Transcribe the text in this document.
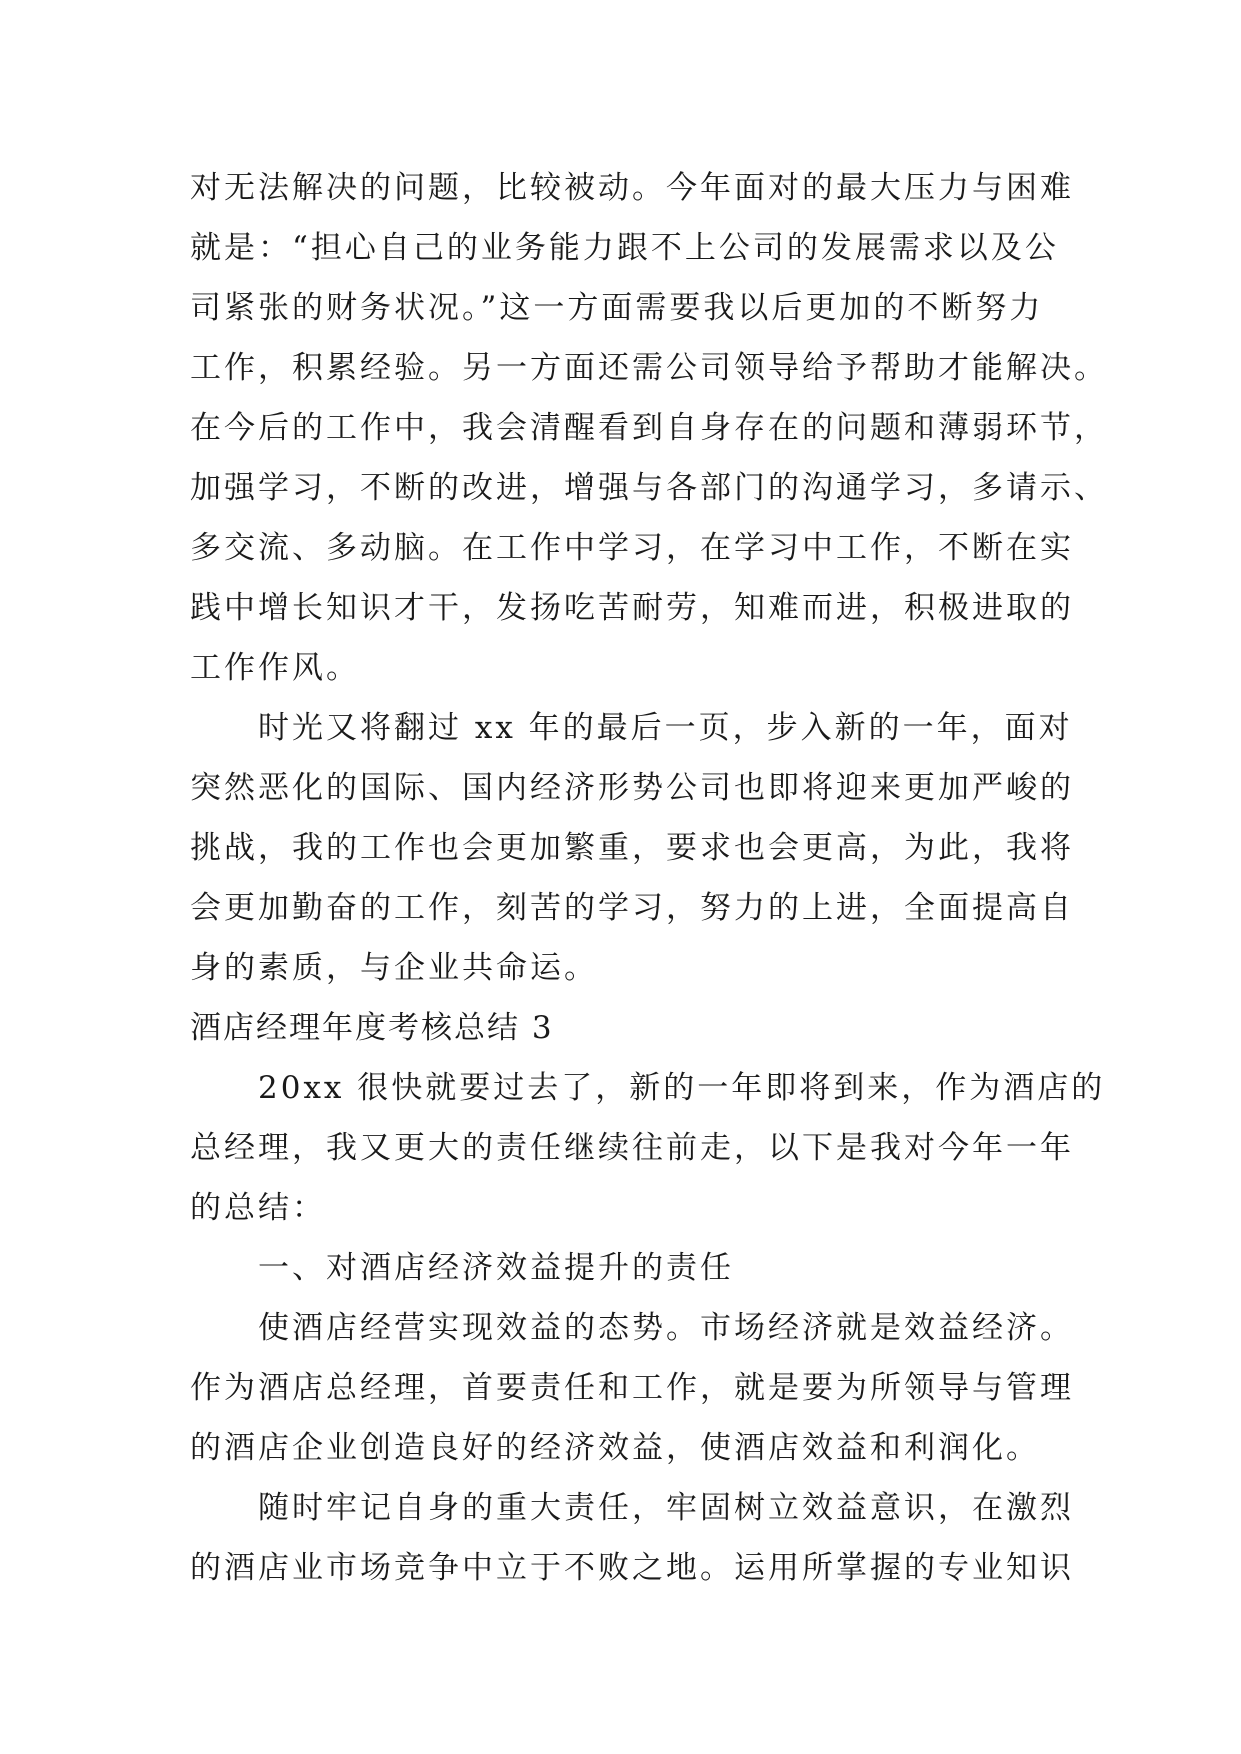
对无法解决的问题，比较被动。今年面对的最大压力与困难
就是：“担心自己的业务能力跟不上公司的发展需求以及公
司紧张的财务状况。”这一方面需要我以后更加的不断努力
工作，积累经验。另一方面还需公司领导给予帮助才能解决。
在今后的工作中，我会清醒看到自身存在的问题和薄弱环节，
加强学习，不断的改进，增强与各部门的沟通学习，多请示、
多交流、多动脑。在工作中学习，在学习中工作，不断在实
践中增长知识才干，发扬吃苦耐劳，知难而进，积极进取的
工作作风。
　　时光又将翻过 xx 年的最后一页，步入新的一年，面对
突然恶化的国际、国内经济形势公司也即将迎来更加严峻的
挑战，我的工作也会更加繁重，要求也会更高，为此，我将
会更加勤奋的工作，刻苦的学习，努力的上进，全面提高自
身的素质，与企业共命运。
酒店经理年度考核总结 3
　　20xx 很快就要过去了，新的一年即将到来，作为酒店的
总经理，我又更大的责任继续往前走，以下是我对今年一年
的总结：
　　一、对酒店经济效益提升的责任
　　使酒店经营实现效益的态势。市场经济就是效益经济。
作为酒店总经理，首要责任和工作，就是要为所领导与管理
的酒店企业创造良好的经济效益，使酒店效益和利润化。
　　随时牢记自身的重大责任，牢固树立效益意识，在激烈
的酒店业市场竞争中立于不败之地。运用所掌握的专业知识
